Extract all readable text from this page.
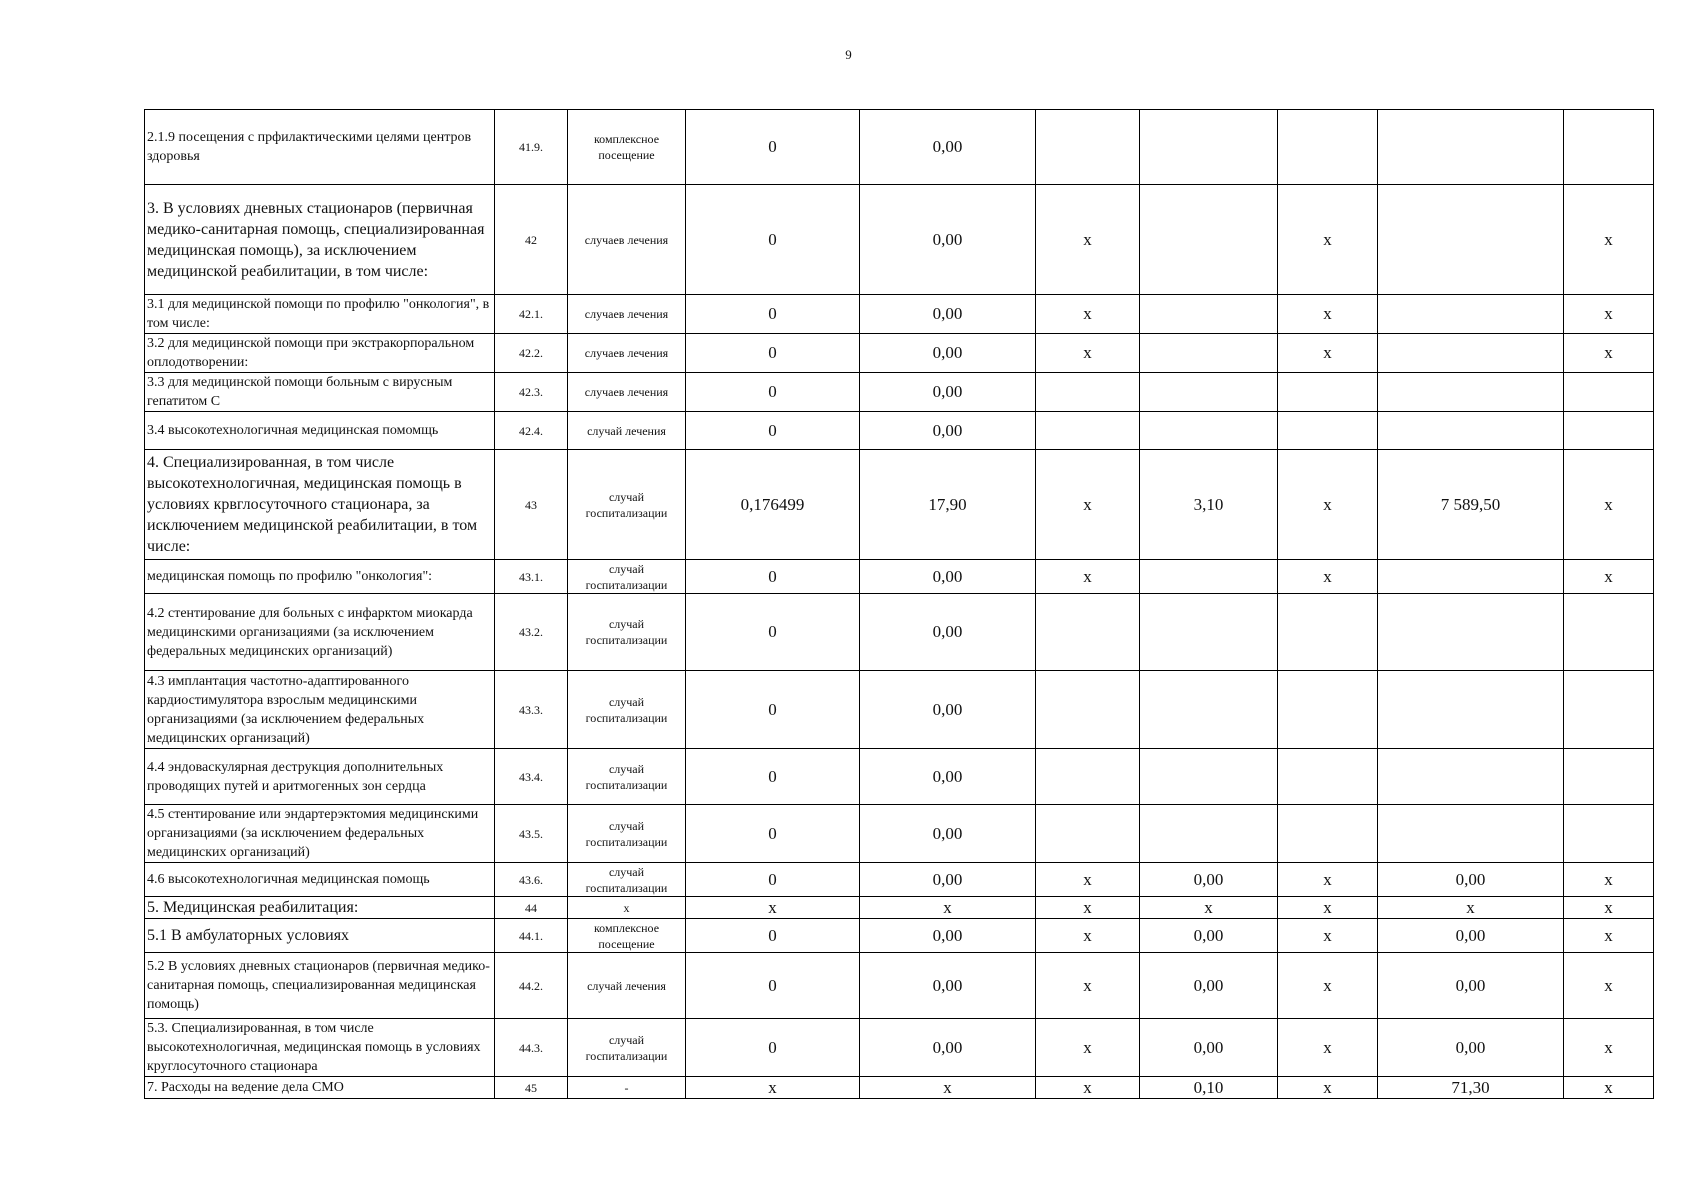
9
2.1.9 посещения с прфилактическими целями центров здоровья	41.9.	комплексное посещение	0	0,00					
3. В условиях дневных стационаров (первичная медико-санитарная помощь, специализированная медицинская помощь), за исключением медицинской реабилитации, в том числе:	42	случаев лечения	0	0,00	x		x		x
3.1 для медицинской помощи по профилю "онкология", в том числе:	42.1.	случаев лечения	0	0,00	x		x		x
3.2 для медицинской помощи при экстракорпоральном оплодотворении:	42.2.	случаев лечения	0	0,00	x		x		x
3.3 для медицинской помощи больным с вирусным гепатитом С	42.3.	случаев лечения	0	0,00					
3.4 высокотехнологичная медицинская помомщь	42.4.	случай лечения	0	0,00					
4. Специализированная, в том числе высокотехнологичная, медицинская помощь в условиях крвглосуточного стационара, за исключением медицинской реабилитации, в том числе:	43	случай госпитализации	0,176499	17,90	x	3,10	x	7 589,50	x
медицинская помощь по профилю "онкология":	43.1.	случай госпитализации	0	0,00	x		x		x
4.2 стентирование для больных с инфарктом миокарда медицинскими организациями (за исключением федеральных медицинских организаций)	43.2.	случай госпитализации	0	0,00					
4.3 имплантация частотно-адаптированного кардиостимулятора взрослым медицинскими организациями (за исключением федеральных медицинских организаций)	43.3.	случай госпитализации	0	0,00					
4.4 эндоваскулярная деструкция дополнительных проводящих путей и аритмогенных зон сердца	43.4.	случай госпитализации	0	0,00					
4.5 стентирование или эндартерэктомия медицинскими организациями (за исключением федеральных медицинских организаций)	43.5.	случай госпитализации	0	0,00					
4.6 высокотехнологичная медицинская помощь	43.6.	случай госпитализации	0	0,00	x	0,00	x	0,00	x
5. Медицинская реабилитация:	44	x	x	x	x	x	x	x	x
5.1 В амбулаторных условиях	44.1.	комплексное посещение	0	0,00	x	0,00	x	0,00	x
5.2 В условиях дневных стационаров (первичная медико-санитарная помощь, специализированная медицинская помощь)	44.2.	случай лечения	0	0,00	x	0,00	x	0,00	x
5.3. Специализированная, в том числе высокотехнологичная, медицинская помощь в условиях круглосуточного стационара	44.3.	случай госпитализации	0	0,00	x	0,00	x	0,00	x
7. Расходы на ведение дела СМО	45	-	x	x	x	0,10	x	71,30	x
